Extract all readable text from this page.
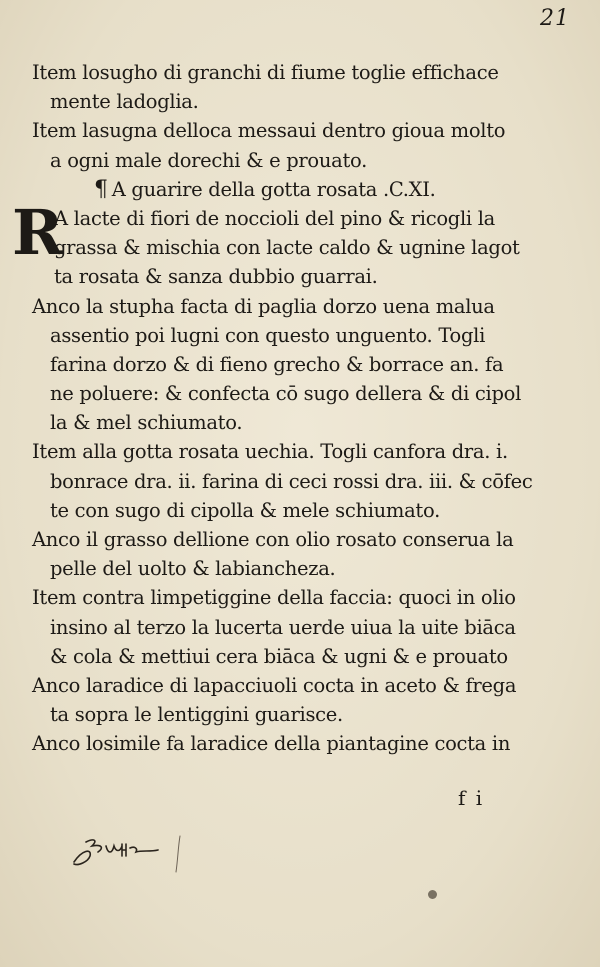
21
Item losugho di granchi di fiume toglie effichace
mente ladoglia.
Item lasugna delloca messaui dentro gioua molto
a ogni male dorechi & e prouato.
¶ A guarire della gotta rosata .C.XI.
R
A lacte di fiori de noccioli del pino & ricogli la
grassa & mischia con lacte caldo & ugnine lagot
ta rosata & sanza dubbio guarrai.
Anco la stupha facta di paglia dorzo uena malua
assentio poi lugni con questo unguento. Togli
farina dorzo & di fieno grecho & borrace an. fa
ne poluere: & confecta cō sugo dellera & di cipol
la & mel schiumato.
Item alla gotta rosata uechia. Togli canfora dra. i.
bonrace dra. ii. farina di ceci rossi dra. iii. & cōfec
te con sugo di cipolla & mele schiumato.
Anco il grasso dellione con olio rosato conserua la
pelle del uolto & labiancheza.
Item contra limpetiggine della faccia: quoci in olio
insino al terzo la lucerta uerde uiua la uite biāca
& cola & mettiui cera biāca & ugni & e prouato
Anco laradice di lapacciuoli cocta in aceto & frega
ta sopra le lentiggini guarisce.
Anco losimile fa laradice della piantagine cocta in
f i
